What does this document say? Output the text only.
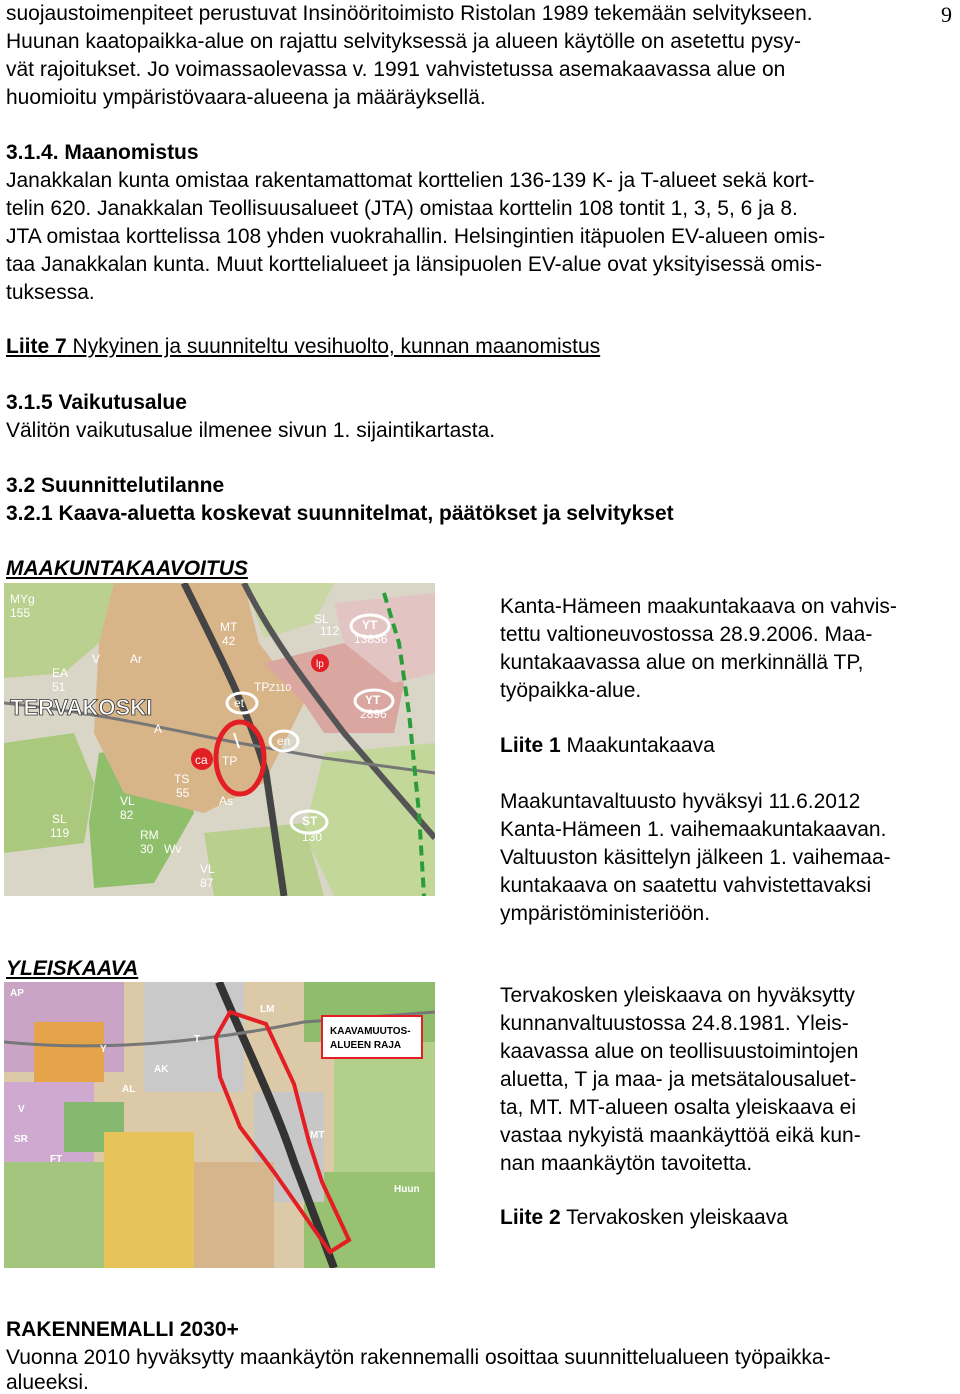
9

suojaustoimenpiteet perustuvat Insinööritoimisto Ristolan 1989 tekemään selvitykseen.

Huunan kaatopaikka-alue on rajattu selvityksessä ja alueen käytölle on asetettu pysy-

vät rajoitukset. Jo voimassaolevassa v. 1991 vahvistetussa asemakaavassa alue on

huomioitu ympäristövaara-alueena ja määräyksellä.

3.1.4. Maanomistus

Janakkalan kunta omistaa rakentamattomat korttelien 136-139 K- ja T-alueet sekä kort-

telin 620. Janakkalan Teollisuusalueet (JTA) omistaa korttelin 108 tontit 1, 3, 5, 6 ja 8.

JTA omistaa korttelissa 108 yhden vuokrahallin. Helsingintien itäpuolen EV-alueen omis-

taa Janakkalan kunta. Muut korttelialueet ja länsipuolen EV-alue ovat yksityisessä omis-

tuksessa.

Liite 7 Nykyinen ja suunniteltu vesihuolto, kunnan maanomistus

3.1.5 Vaikutusalue

Välitön vaikutusalue ilmenee sivun 1. sijaintikartasta.

3.2 Suunnittelutilanne

3.2.1 Kaava-aluetta koskevat suunnitelmat, päätökset ja selvitykset

MAAKUNTAKAAVOITUS

MYg
155
EA
51
SL
112 YT
13836
MT
42
TP Z110
YT
2896
et
en
ca TP
TS
55
As
Ar
A
V	lp
SL
119
VL
82
RM
30 Wv
ST
130
VL
87
TERVAKOSKI

Kanta-Hämeen maakuntakaava on vahvis-

tettu valtioneuvostossa 28.9.2006. Maa-

kuntakaavassa alue on merkinnällä TP,

työpaikka-alue.

Liite 1 Maakuntakaava

Maakuntavaltuusto hyväksyi 11.6.2012

Kanta-Hämeen 1. vaihemaakuntakaavan.

Valtuuston käsittelyn jälkeen 1. vaihemaa-

kuntakaava on saatettu vahvistettavaksi

ympäristöministeriöön.

YLEISKAAVA

KAAVAMUUTOS-
ALUEEN RAJA
AP
T
MT
Y
AK
AL
V
SR
LM
FT
Huun

Tervakosken yleiskaava on hyväksytty

kunnanvaltuustossa 24.8.1981. Yleis-

kaavassa alue on teollisuustoimintojen

aluetta, T ja maa- ja metsätalousaluet-

ta, MT. MT-alueen osalta yleiskaava ei

vastaa nykyistä maankäyttöä eikä kun-

nan maankäytön tavoitetta.

Liite 2 Tervakosken yleiskaava

RAKENNEMALLI 2030+

Vuonna 2010 hyväksytty maankäytön rakennemalli osoittaa suunnittelualueen työpaikka-

alueeksi.
